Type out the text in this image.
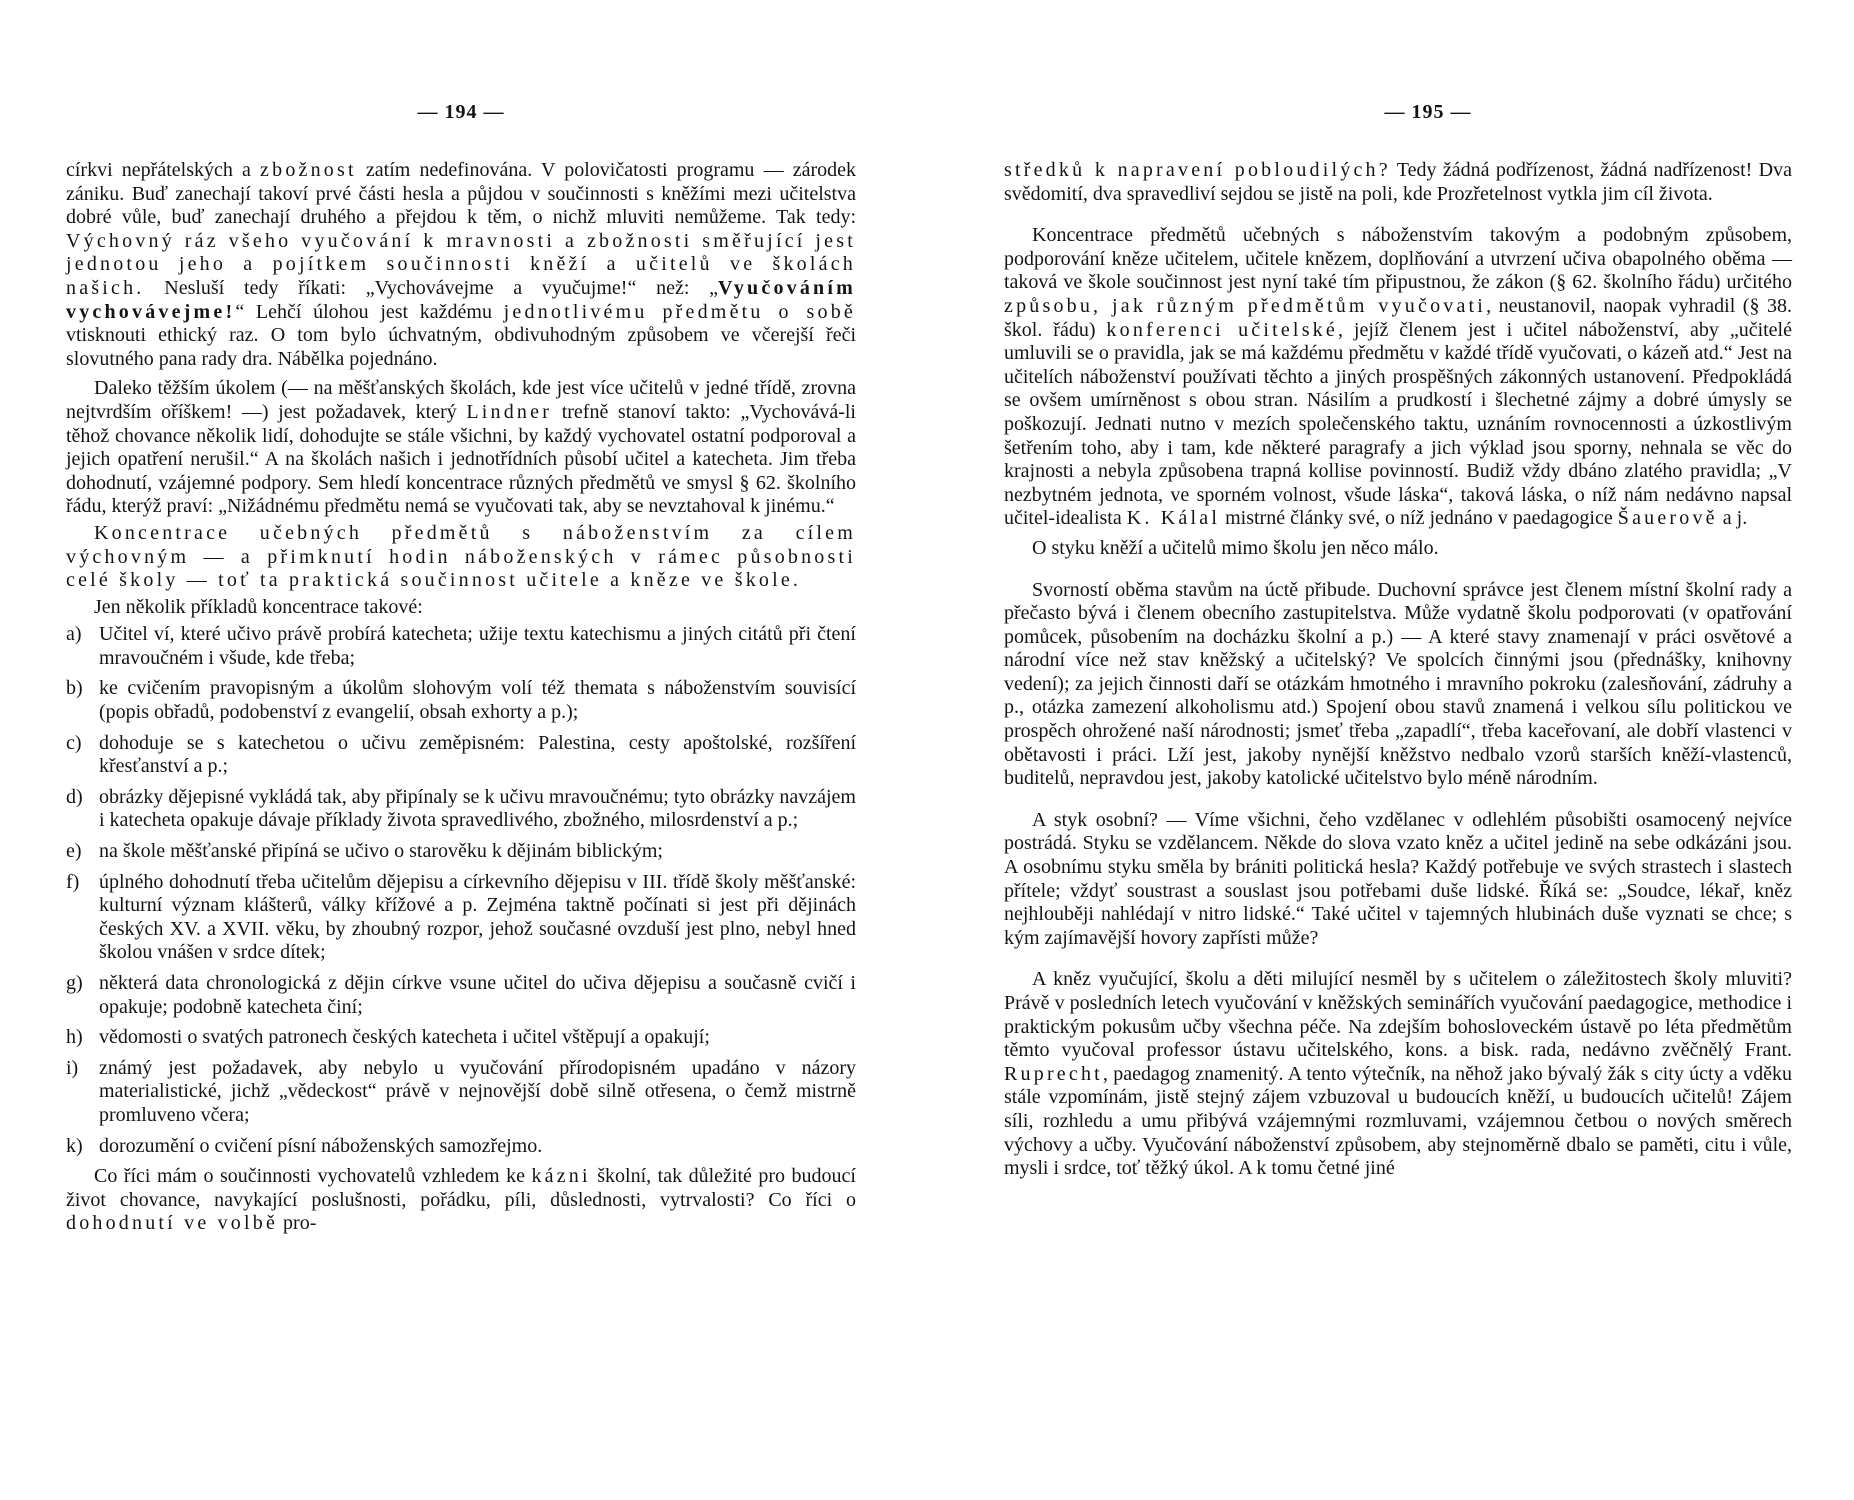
— 194 —

církvi nepřátelských a zbožnost zatím nedefinována. V polovičatosti programu — zárodek zániku. Buď zanechají takoví prvé části hesla a půjdou v součinnosti s kněžími mezi učitelstva dobré vůle, buď zanechají druhého a přejdou k těm, o nichž mluviti nemůžeme. Tak tedy: Výchovný ráz všeho vyučování k mravnosti a zbožnosti směřující jest jednotou jeho a pojítkem součinnosti kněží a učitelů ve školách našich. Nesluší tedy říkati: „Vychovávejme a vyučujme!“ než: „Vyučováním vychovávejme!“ Lehčí úlohou jest každému jednotlivému předmětu o sobě vtisknouti ethický raz. O tom bylo úchvatným, obdivuhodným způsobem ve včerejší řeči slovutného pana rady dra. Nábělka pojednáno.

Daleko těžším úkolem (— na měšťanských školách, kde jest více učitelů v jedné třídě, zrovna nejtvrdším oříškem! —) jest požadavek, který Lindner trefně stanoví takto: „Vychovává-li těhož chovance několik lidí, dohodujte se stále všichni, by každý vychovatel ostatní podporoval a jejich opatření nerušil.“ A na školách našich i jednotřídních působí učitel a katecheta. Jim třeba dohodnutí, vzájemné podpory. Sem hledí koncentrace různých předmětů ve smysl § 62. školního řádu, kterýž praví: „Nižádnému předmětu nemá se vyučovati tak, aby se nevztahoval k jinému.“

Koncentrace učebných předmětů s náboženstvím za cílem výchovným — a přimknutí hodin náboženských v rámec působnosti celé školy — toť ta praktická součinnost učitele a kněze ve škole.

Jen několik příkladů koncentrace takové:

a) Učitel ví, které učivo právě probírá katecheta; užije textu katechismu a jiných citátů při čtení mravoučném i všude, kde třeba;
b) ke cvičením pravopisným a úkolům slohovým volí též themata s náboženstvím souvisící (popis obřadů, podobenství z evangelií, obsah exhorty a p.);
c) dohoduje se s katechetou o učivu zeměpisném: Palestina, cesty apoštolské, rozšíření křesťanství a p.;
d) obrázky dějepisné vykládá tak, aby připínaly se k učivu mravoučnému; tyto obrázky navzájem i katecheta opakuje dávaje příklady života spravedlivého, zbožného, milosrdenství a p.;
e) na škole měšťanské připíná se učivo o starověku k dějinám biblickým;
f) úplného dohodnutí třeba učitelům dějepisu a církevního dějepisu v III. třídě školy měšťanské: kulturní význam klášterů, války křížové a p. Zejména taktně počínati si jest při dějinách českých XV. a XVII. věku, by zhoubný rozpor, jehož současné ovzduší jest plno, nebyl hned školou vnášen v srdce dítek;
g) některá data chronologická z dějin církve vsune učitel do učiva dějepisu a současně cvičí i opakuje; podobně katecheta činí;
h) vědomosti o svatých patronech českých katecheta i učitel vštěpují a opakují;
i) známý jest požadavek, aby nebylo u vyučování přírodopisném upadáno v názory materialistické, jichž „vědeckost“ právě v nejnovější době silně otřesena, o čemž mistrně promluveno včera;
k) dorozumění o cvičení písní náboženských samozřejmo.

Co říci mám o součinnosti vychovatelů vzhledem ke kázni školní, tak důležité pro budoucí život chovance, navykající poslušnosti, pořádku, píli, důslednosti, vytrvalosti? Co říci o dohodnutí ve volbě pro-

— 195 —

středků k napravení pobloudilých? Tedy žádná podřízenost, žádná nadřízenost! Dva svědomití, dva spravedliví sejdou se jistě na poli, kde Prozřetelnost vytkla jim cíl života.

Koncentrace předmětů učebných s náboženstvím takovým a podobným způsobem, podporování kněze učitelem, učitele knězem, doplňování a utvrzení učiva obapolného oběma — taková ve škole součinnost jest nyní také tím připustnou, že zákon (§ 62. školního řádu) určitého způsobu, jak různým předmětům vyučovati, neustanovil, naopak vyhradil (§ 38. škol. řádu) konferenci učitelské, jejíž členem jest i učitel náboženství, aby „učitelé umluvili se o pravidla, jak se má každému předmětu v každé třídě vyučovati, o kázeň atd.“ Jest na učitelích náboženství používati těchto a jiných prospěšných zákonných ustanovení. Předpokládá se ovšem umírněnost s obou stran. Násilím a prudkostí i šlechetné zájmy a dobré úmysly se poškozují. Jednati nutno v mezích společenského taktu, uznáním rovnocennosti a úzkostlivým šetřením toho, aby i tam, kde některé paragrafy a jich výklad jsou sporny, nehnala se věc do krajnosti a nebyla způsobena trapná kollise povinností. Budiž vždy dbáno zlatého pravidla; „V nezbytném jednota, ve sporném volnost, všude láska“, taková láska, o níž nám nedávno napsal učitel-idealista K. Kálal mistrné články své, o níž jednáno v paedagogice Šauerově a j.

O styku kněží a učitelů mimo školu jen něco málo.

Svorností oběma stavům na úctě přibude. Duchovní správce jest členem místní školní rady a přečasto bývá i členem obecního zastupitelstva. Může vydatně školu podporovati (v opatřování pomůcek, působením na docházku školní a p.) — A které stavy znamenají v práci osvětové a národní více než stav kněžský a učitelský? Ve spolcích činnými jsou (přednášky, knihovny vedení); za jejich činnosti daří se otázkám hmotného i mravního pokroku (zalesňování, zádruhy a p., otázka zamezení alkoholismu atd.) Spojení obou stavů znamená i velkou sílu politickou ve prospěch ohrožené naší národnosti; jsmeť třeba „zapadlí“, třeba kaceřovaní, ale dobří vlastenci v obětavosti i práci. Lží jest, jakoby nynější kněžstvo nedbalo vzorů starších kněží-vlastenců, buditelů, nepravdou jest, jakoby katolické učitelstvo bylo méně národním.

A styk osobní? — Víme všichni, čeho vzdělanec v odlehlém působišti osamocený nejvíce postrádá. Styku se vzdělancem. Někde do slova vzato kněz a učitel jedině na sebe odkázáni jsou. A osobnímu styku směla by brániti politická hesla? Každý potřebuje ve svých strastech i slastech přítele; vždyť soustrast a souslast jsou potřebami duše lidské. Říká se: „Soudce, lékař, kněz nejhlouběji nahlédají v nitro lidské.“ Také učitel v tajemných hlubinách duše vyznati se chce; s kým zajímavější hovory zapřísti může?

A kněz vyučující, školu a děti milující nesměl by s učitelem o záležitostech školy mluviti? Právě v posledních letech vyučování v kněžských seminářích vyučování paedagogice, methodice i praktickým pokusům učby všechna péče. Na zdejším bohosloveckém ústavě po léta předmětům těmto vyučoval professor ústavu učitelského, kons. a bisk. rada, nedávno zvěčnělý Frant. Ruprecht, paedagog znamenitý. A tento výtečník, na něhož jako bývalý žák s city úcty a vděku stále vzpomínám, jistě stejný zájem vzbuzoval u budoucích kněží, u budoucích učitelů! Zájem síli, rozhledu a umu přibývá vzájemnými rozmluvami, vzájemnou četbou o nových směrech výchovy a učby. Vyučování náboženství způsobem, aby stejnoměrně dbalo se paměti, citu i vůle, mysli i srdce, toť těžký úkol. A k tomu četné jiné
